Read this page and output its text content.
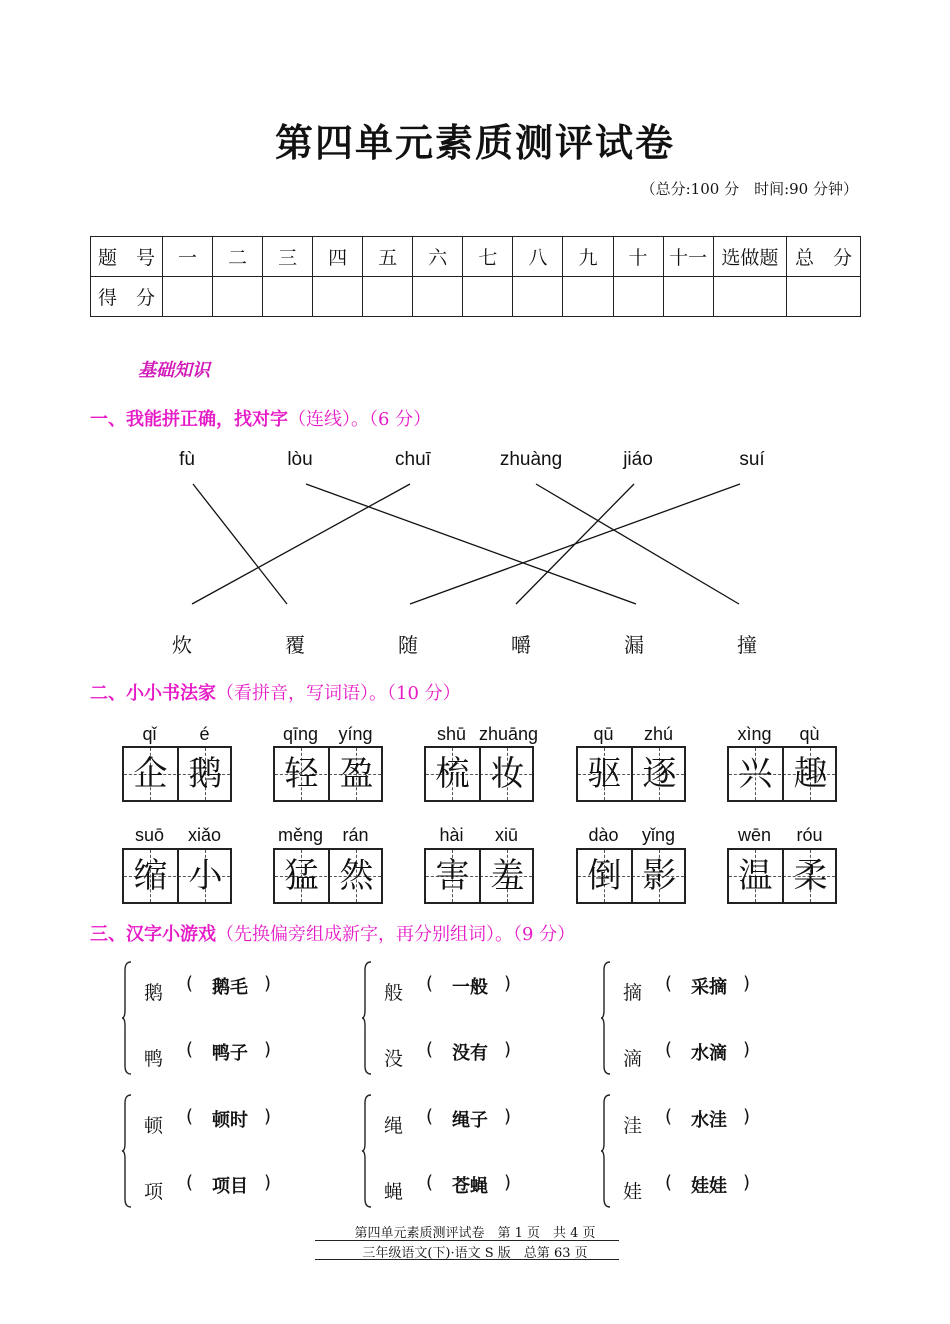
第四单元素质测评试卷
（总分:100 分　时间:90 分钟）
题　号	一	二	三	四	五	六	七	八	九	十	十一	选做题	总　分
得　分													
基础知识
一、我能拼正确，找对字（连线）。（6 分）
fù	lòu	chuī	zhuàng	jiáo	suí
炊	覆	随	嚼	漏	撞
二、小小书法家（看拼音，写词语）。（10 分）
qǐ	é
企 鹅
qīng	yíng
轻 盈
shū zhuāng
梳 妆
qū	zhú
驱 逐
xìng	qù
兴 趣
suō	xiǎo
缩 小
měng	rán
猛 然
hài	xiū
害 羞
dào	yǐng
倒 影
wēn	róu
温 柔
三、汉字小游戏（先换偏旁组成新字，再分别组词）。（9 分）
鹅 (	鹅毛 )
鸭 (	鸭子 )
般 (	一般 )
没 (	没有 )
摘 (	采摘 )
滴 (	水滴 )
顿 (	顿时 )
项 (	项目 )
绳 (	绳子 )
蝇 (	苍蝇 )
洼 (	水洼 )
娃 (	娃娃 )
第四单元素质测评试卷　第 1 页　共 4 页
三年级语文(下)·语文 S 版　总第 63 页
